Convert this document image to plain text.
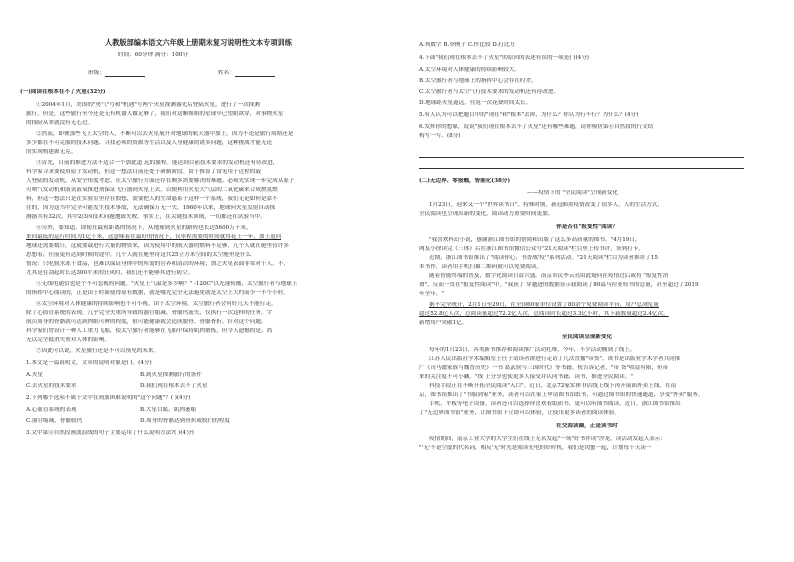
人教版部编本语文六年级上册期末复习说明性文本专项训练

时间：60分钟 满分：100分

班级：	姓名：

(一)阅读在根本在不了火星(32分)

①2004年1月，美国的"勇气"号和"机遇"号两个火星探测器先后登陆火星，进行了一次探测

旅行。但是，这些旅行至今还是无有机器人做足够了，我们对这颗姐姐的星球早已望眼欲穿，对事物火星

的探险从来就没有无心过。

②然而，即便那些飞上太空的人，不断可以去火星展开对地球的航天器中加上，因为不论是旅行周期还是

多少都在不可克服的技术问题、寻找必须的资源等生活以及人身健康的诸多问题，这种挑战才能无论

的实现构建源无克。

③首先，目前的推进方法不适合一个加此道 远的旅程。能达到目前技术要求的发动机还有待改进，

科学家寻求要使用原子发动机，但这一想法目前还处于研制阶段。由于推算了常见用于近程的载

人登陆的发动机，从安全角度考虑。在太空旅行方面还存在颇多需要解决的难题。必须先实现一步完成从原子

可喷气发动机和液氢液氧推进剂保证飞行器到火星上去，以便利用火星大气层的二氧化碳来合成燃氢燃

料，但这一想法只是在实验室里存在假想，需要把人的生命悬系于这样一个系统，我们无论如何是靠不

住的，因为这当中完全可能发生技术事故，无法确保万无一失。1960年以来，地球向火星发射自动探

测器共有32次，其中2/3因技术问题遭致失败。事实上，在关键技术领域，一切都还在试验当中。

④另外，要知道，即使在最短距离的情况下，从地球到火星的路程也长达5600万千米，

来回最低的运行时间为1亿千米。这意味着在最好的情况下，仅单程需要的时间就得花上一年，加上返回

地球还需要数日。这就要载进行大量的物资来，因为使用中的航天器的燃料不足够，几个人就在舱里待许多

思想着，往前更有达到时候的途中，几个人就在舱里待这共25立方米空间的太空舱里是什么

情况：只吃脱水冻干食品，也难以保证身体中的所需的营养和清洁的环境；加之火星表面非常对于人，不，

尤其是在刮起时长达300平米的狂风时，我们还不能够其进行防空。

⑤无线电通信也是个不可忽视的问题。"火星上气温是多少啊？" -120C"以光速传播，太空旅行者与地球上

的指挥中心阅读的，正是由于时滞使得原有数据，就是哪先完全无法避免就是太空上大约而少一半个小时。

⑥太空环境对人体健康的持续影响也不可小视。由于太空环境，太空旅行者会有好几天不能行走。

除了心血管系统的表现，几乎完全失重所导致的器官缩减、骨骼钙流失，仅执行一次这样的任务，宇

航员周身的骨骼就可达到肉眼可辨的程度，很可能健康就会造成脱骨、骨骼骨折。针对这个问题，

科学家们曾设计一种人工重力飞船，使太空旅行者能够在飞船中保持肌肉锻炼，但令人遗憾的是，尚

无以完全抵消失重对人体的影响。

⑦因此可以说，火星旅行还是不可以预见的未来。

1.本文是一篇说明文，文章的说明对象是( )。(4分)

A.火星	B.到火星探测旅行的条件

C.去火星的技术要求	D.我们现在根本去不了火星

2.下列哪个选项不属于文中在到加困难说明的"这个问题"？( )(4分)

A.心血管系统的表现	B.大星目眩、肌肉萎缩

C.器官缩减，骨骼脱钙	D.周身的骨骼达到骨折或脱臼的程度

3.文中第④自然段画波浪线的句子主要运用了什么说明方法?( )(4分)

A.列数字 B.举例子 C.作比较 D.打比方

4.下面"我们现在根本去不了火星"的原因的表述有误的一项是( )(4分)

A.太空环境对人体健康的持续影响较大。

B.太空旅行者与地球上的指挥中心会存在时差。

C.太空旅行者与太空气行技术要求的发动机还有待改进。

D.地球距火星遥远，往返一次花费时间太长。

5.有人认为可以把题目中的"现在"和"根本"去掉，为什么？你认为行不行？为什么？(4分)

6.发挥你的想象，说说"我们现在根本去不了火星"还有哪些难题，请你模仿第⑥自然段的行文结

构写一写。(8分)

(二)无边界、零接触，智能化(38分)

——疫情下的 "全民阅读"呈现新变化

1月23日，迎来又一个"世界读书日"。特殊时期，新冠肺炎疫情改变了很多人，人的生活方式，

全民阅读也呈现出新的变化，阅读动力重要时间更加。

你是否在"报复性"阅读？

"我喜欢科幻小说，感谢浙江图书馆的借阅和出版了这么多高质量的图书。"4月19日，

网友小徐读完《三体》后在浙江图书馆微信公众号"21天阅读"栏目里上传书评，签到打卡。

近期，浙江图书馆推出了"阅读你心，书香战'疫'"系列活动。"21天阅读"栏目为读者推荐了15

本书作，读者用手机扫描二维码就可以免费阅读。

随着智能终端的普及，数字化阅读日益兴盛。南京市民李云亮由此疑问在疫情过后或将 "报复性消

费"，反而一直在"报复性阅读"中。"我获了 穿越进的数据显示我阅读了80篇马拉亚特书的总量，甚至超过了2019

年全年。"

据不完全统计，2月1日至29日，在全国60家单位设置了80余个免费阅读平台，用户总浏览量

超过52.8亿人次，总阅读量超过72.2亿人次，总阅读时长超过3.3亿小时，其下载数量超过2.4亿次，

新增用户突破1亿。

全民阅读呈现新变化

每年的1月23日，各类新书推荐和阅读推广活动扎堆，今年，不少活动搬到了线上。

江苏人民出版社学术编辑室王任子请读者群进行走访了几次直播"带货"，该书是出版业学术学者共同推

广《司马懿家族与魏晋历史》一书 葛武侯与三国时代》等书籍。杭告诉记者，"带 货"收益有限，但带

来的关注度不可小觑。"线 上分享也使更多人接受并认同书籍、读书，推进全民阅读。"

科技手段正在不断开拓全民阅读"入口"。近日，北京72家实体书店线上线下再开展面外卖上线。在南

京，图书馆推出了"书服到家"业务，读者可以在家上申请图书馆纸书，可通过图书馆的快速通道，享受"外卖"服务。

手机、平板等电子设备，读者还可以选择你喜欢看纸质书，更可以听图书阅读。近日，浙江图书馆推出

了"无边界图书馆"业务，让图书馆下立即可以体验，让使用更多读者的阅读体验。

社交阅读圈，正是读书时

疫情期间，南京工业大学的大学生们在线上无名发起"一场"好书伴读"沙龙。读活动发起人表示：

"'无'不是空虚的代名词，相反'无'时光是阅读充电的好时机，我们是闺蜜一起，计划每十天读一
